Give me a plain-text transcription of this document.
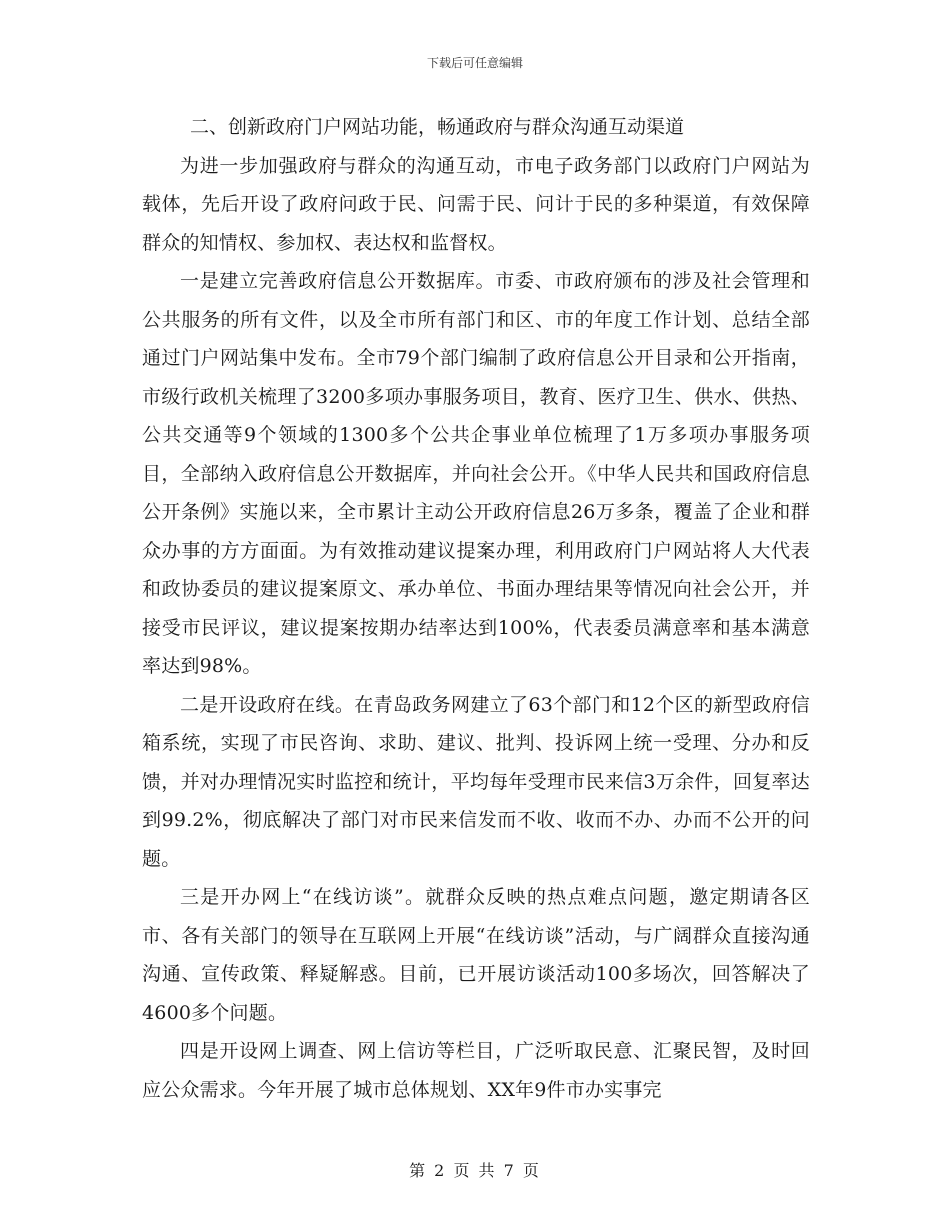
下载后可任意编辑

二、创新政府门户网站功能，畅通政府与群众沟通互动渠道

为进一步加强政府与群众的沟通互动，市电子政务部门以政府门户网站为载体，先后开设了政府问政于民、问需于民、问计于民的多种渠道，有效保障群众的知情权、参加权、表达权和监督权。

一是建立完善政府信息公开数据库。市委、市政府颁布的涉及社会管理和公共服务的所有文件，以及全市所有部门和区、市的年度工作计划、总结全部通过门户网站集中发布。全市79个部门编制了政府信息公开目录和公开指南，市级行政机关梳理了3200多项办事服务项目，教育、医疗卫生、供水、供热、公共交通等9个领域的1300多个公共企事业单位梳理了1万多项办事服务项目，全部纳入政府信息公开数据库，并向社会公开。《中华人民共和国政府信息公开条例》实施以来，全市累计主动公开政府信息26万多条，覆盖了企业和群众办事的方方面面。为有效推动建议提案办理，利用政府门户网站将人大代表和政协委员的建议提案原文、承办单位、书面办理结果等情况向社会公开，并接受市民评议，建议提案按期办结率达到100%，代表委员满意率和基本满意率达到98%。

二是开设政府在线。在青岛政务网建立了63个部门和12个区的新型政府信箱系统，实现了市民咨询、求助、建议、批判、投诉网上统一受理、分办和反馈，并对办理情况实时监控和统计，平均每年受理市民来信3万余件，回复率达到99.2%，彻底解决了部门对市民来信发而不收、收而不办、办而不公开的问题。

三是开办网上“在线访谈”。就群众反映的热点难点问题，邀定期请各区市、各有关部门的领导在互联网上开展“在线访谈”活动，与广阔群众直接沟通沟通、宣传政策、释疑解惑。目前，已开展访谈活动100多场次，回答解决了4600多个问题。

四是开设网上调查、网上信访等栏目，广泛听取民意、汇聚民智，及时回应公众需求。今年开展了城市总体规划、XX年9件市办实事完

第 2 页 共 7 页
